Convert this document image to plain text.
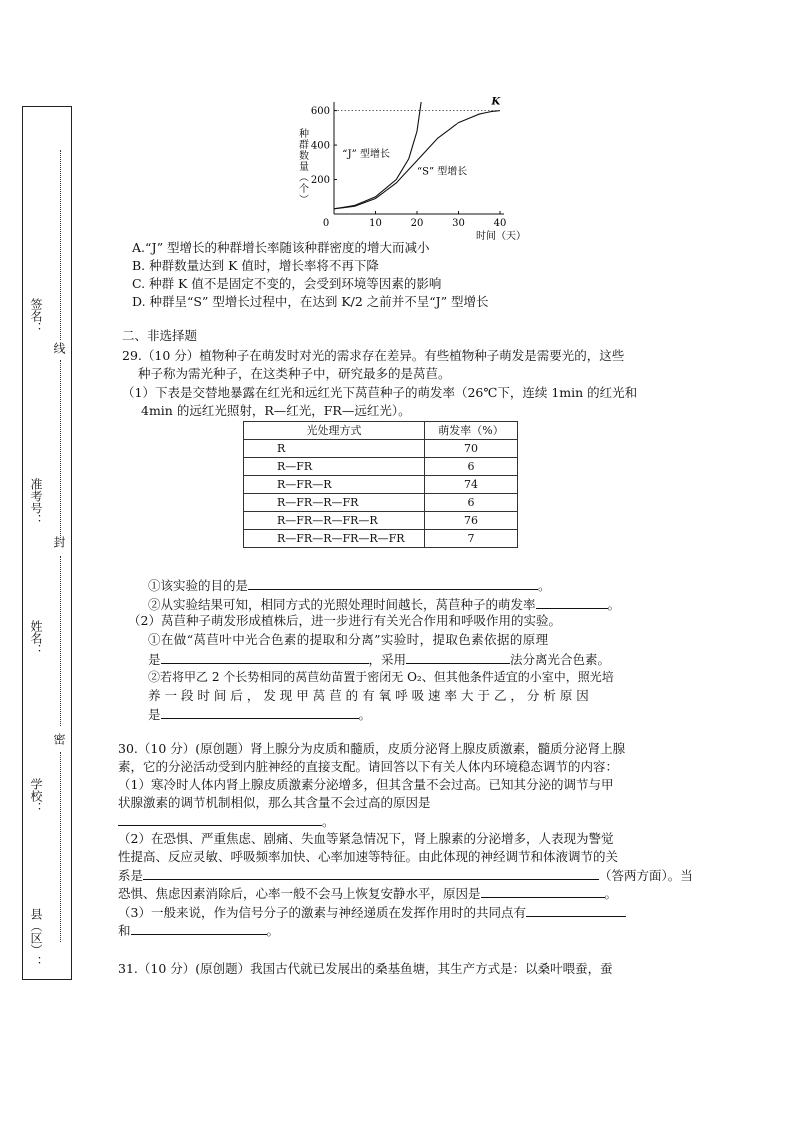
签名：
线
准考号：
封
姓名：
密
学校：
县（区）：
K
0	10	20	30	40
200
400
600
种群数量（个）
时间（天）
“J” 型增长
“S” 型增长
A.“J” 型增长的种群增长率随该种群密度的增大而减小
B. 种群数量达到 K 值时，增长率将不再下降
C. 种群 K 值不是固定不变的，会受到环境等因素的影响
D. 种群呈“S” 型增长过程中，在达到 K/2 之前并不呈“J” 型增长
二、非选择题
29.（10 分）植物种子在萌发时对光的需求存在差异。有些植物种子萌发是需要光的，这些
种子称为需光种子，在这类种子中，研究最多的是莴苣。
（1）下表是交替地暴露在红光和远红光下莴苣种子的萌发率（26℃下，连续 1min 的红光和
4min 的远红光照射，R—红光，FR—远红光）。
光处理方式	萌发率（%）
R	70
R—FR	6
R—FR—R	74
R—FR—R—FR	6
R—FR—R—FR—R	76
R—FR—R—FR—R—FR	7
①该实验的目的是	。
②从实验结果可知，相同方式的光照处理时间越长，莴苣种子的萌发率	。
（2）莴苣种子萌发形成植株后，进一步进行有关光合作用和呼吸作用的实验。
①在做“莴苣叶中光合色素的提取和分离”实验时，提取色素依据的原理
是	，采用	法分离光合色素。
②若将甲乙 2 个长势相同的莴苣幼苗置于密闭无 O₂、但其他条件适宜的小室中，照光培
养 一 段 时 间 后 ， 发 现 甲 莴 苣 的 有 氧 呼 吸 速 率 大 于 乙 ， 分 析 原 因
是	。
30.（10 分）(原创题）肾上腺分为皮质和髓质，皮质分泌肾上腺皮质激素，髓质分泌肾上腺
素，它的分泌活动受到内脏神经的直接支配。请回答以下有关人体内环境稳态调节的内容：
（1）寒冷时人体内肾上腺皮质激素分泌增多，但其含量不会过高。已知其分泌的调节与甲
状腺激素的调节机制相似，那么其含量不会过高的原因是
。
（2）在恐惧、严重焦虑、剧痛、失血等紧急情况下，肾上腺素的分泌增多，人表现为警觉
性提高、反应灵敏、呼吸频率加快、心率加速等特征。由此体现的神经调节和体液调节的关
系是	（答两方面）。当
恐惧、焦虑因素消除后，心率一般不会马上恢复安静水平，原因是	。
（3）一般来说，作为信号分子的激素与神经递质在发挥作用时的共同点有
和	。
31.（10 分）(原创题）我国古代就已发展出的桑基鱼塘，其生产方式是：以桑叶喂蚕，蚕
